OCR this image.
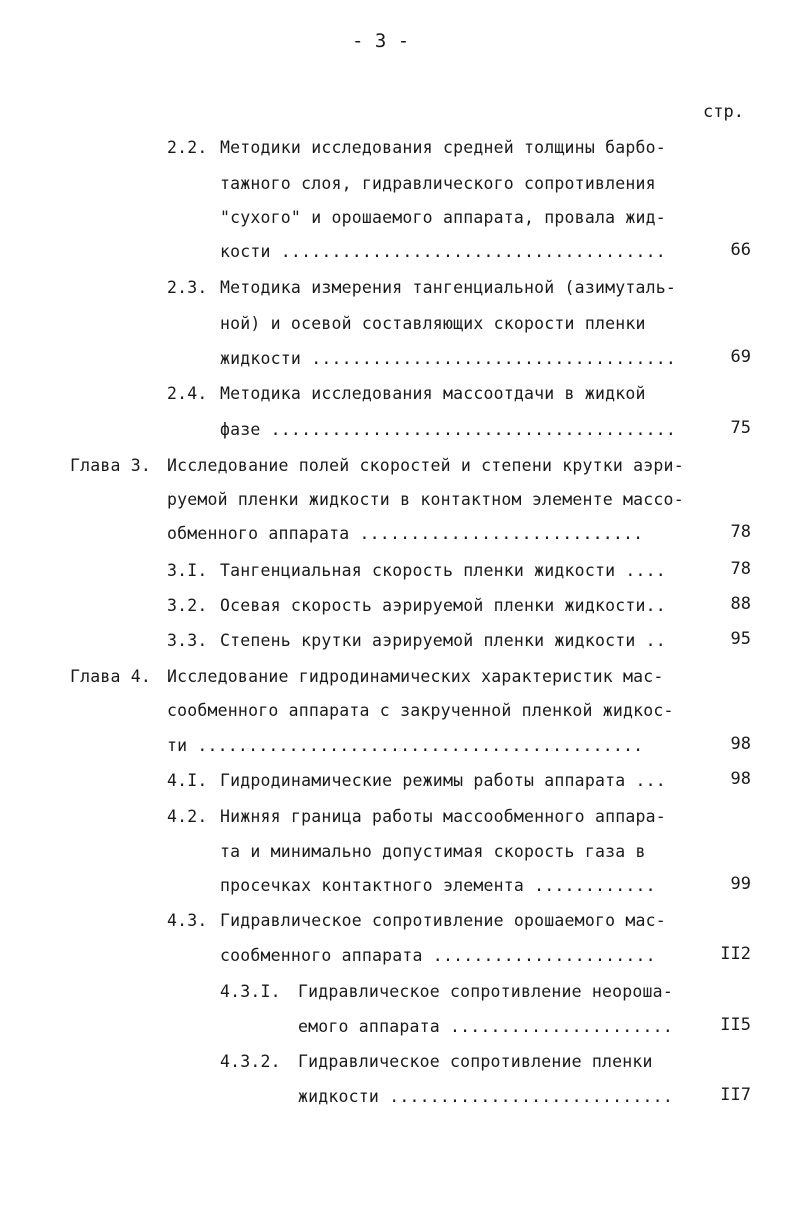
- 3 -
стр.
2.2. Методики исследования средней толщины барбо-
тажного слоя, гидравлического сопротивления
"сухого" и орошаемого аппарата, провала жид-
кости ......................................	66
2.3. Методика измерения тангенциальной (азимуталь-
ной) и осевой составляющих скорости пленки
жидкости ....................................	69
2.4. Методика исследования массоотдачи в жидкой
фазе ........................................	75
Глава 3. Исследование полей скоростей и степени крутки аэри-
руемой пленки жидкости в контактном элементе массо-
обменного аппарата ............................	78
3.I. Тангенциальная скорость пленки жидкости ....	78
3.2. Осевая скорость аэрируемой пленки жидкости..	88
3.3. Степень крутки аэрируемой пленки жидкости ..	95
Глава 4. Исследование гидродинамических характеристик мас-
сообменного аппарата с закрученной пленкой жидкос-
ти ............................................	98
4.I. Гидродинамические режимы работы аппарата ...	98
4.2. Нижняя граница работы массообменного аппара-
та и минимально допустимая скорость газа в
просечках контактного элемента ............	99
4.3. Гидравлическое сопротивление орошаемого мас-
сообменного аппарата ......................	II2
4.3.I. Гидравлическое сопротивление неороша-
емого аппарата ......................	II5
4.3.2. Гидравлическое сопротивление пленки
жидкости ............................	II7
